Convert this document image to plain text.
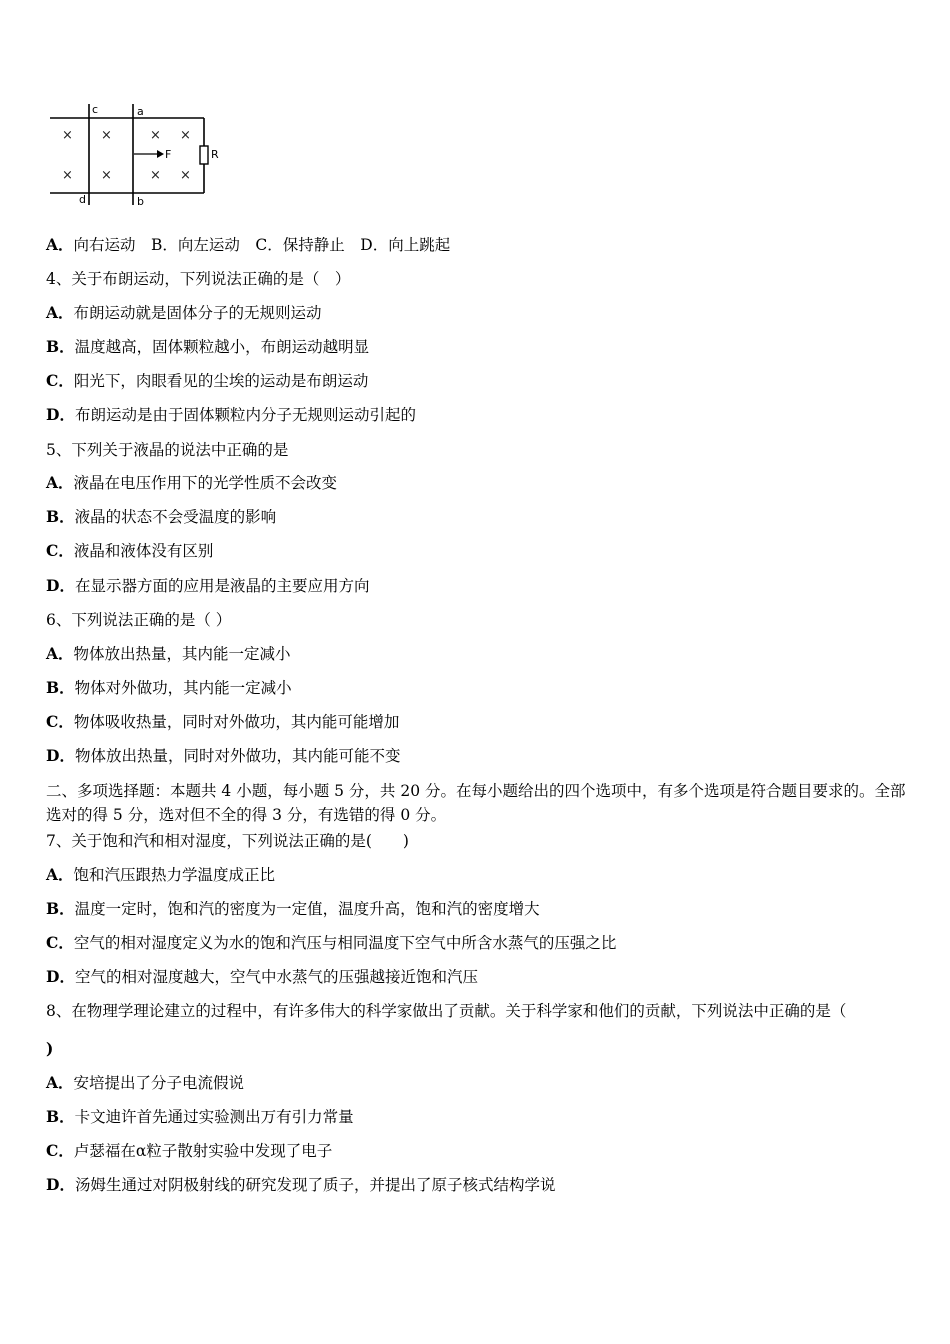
c	a
d	b
F	R
× ×	× ×
× ×	× ×
A．向右运动　B．向左运动　C．保持静止　D．向上跳起
4、关于布朗运动，下列说法正确的是（　）
A．布朗运动就是固体分子的无规则运动
B．温度越高，固体颗粒越小，布朗运动越明显
C．阳光下，肉眼看见的尘埃的运动是布朗运动
D．布朗运动是由于固体颗粒内分子无规则运动引起的
5、下列关于液晶的说法中正确的是
A．液晶在电压作用下的光学性质不会改变
B．液晶的状态不会受温度的影响
C．液晶和液体没有区别
D．在显示器方面的应用是液晶的主要应用方向
6、下列说法正确的是（ ）
A．物体放出热量，其内能一定减小
B．物体对外做功，其内能一定减小
C．物体吸收热量，同时对外做功，其内能可能增加
D．物体放出热量，同时对外做功，其内能可能不变
二、多项选择题：本题共 4 小题，每小题 5 分，共 20 分。在每小题给出的四个选项中，有多个选项是符合题目要求的。全部选对的得 5 分，选对但不全的得 3 分，有选错的得 0 分。
7、关于饱和汽和相对湿度，下列说法正确的是(　　)
A．饱和汽压跟热力学温度成正比
B．温度一定时，饱和汽的密度为一定值，温度升高，饱和汽的密度增大
C．空气的相对湿度定义为水的饱和汽压与相同温度下空气中所含水蒸气的压强之比
D．空气的相对湿度越大，空气中水蒸气的压强越接近饱和汽压
8、在物理学理论建立的过程中，有许多伟大的科学家做出了贡献。关于科学家和他们的贡献，下列说法中正确的是（
)
A．安培提出了分子电流假说
B．卡文迪许首先通过实验测出万有引力常量
C．卢瑟福在α粒子散射实验中发现了电子
D．汤姆生通过对阴极射线的研究发现了质子，并提出了原子核式结构学说
